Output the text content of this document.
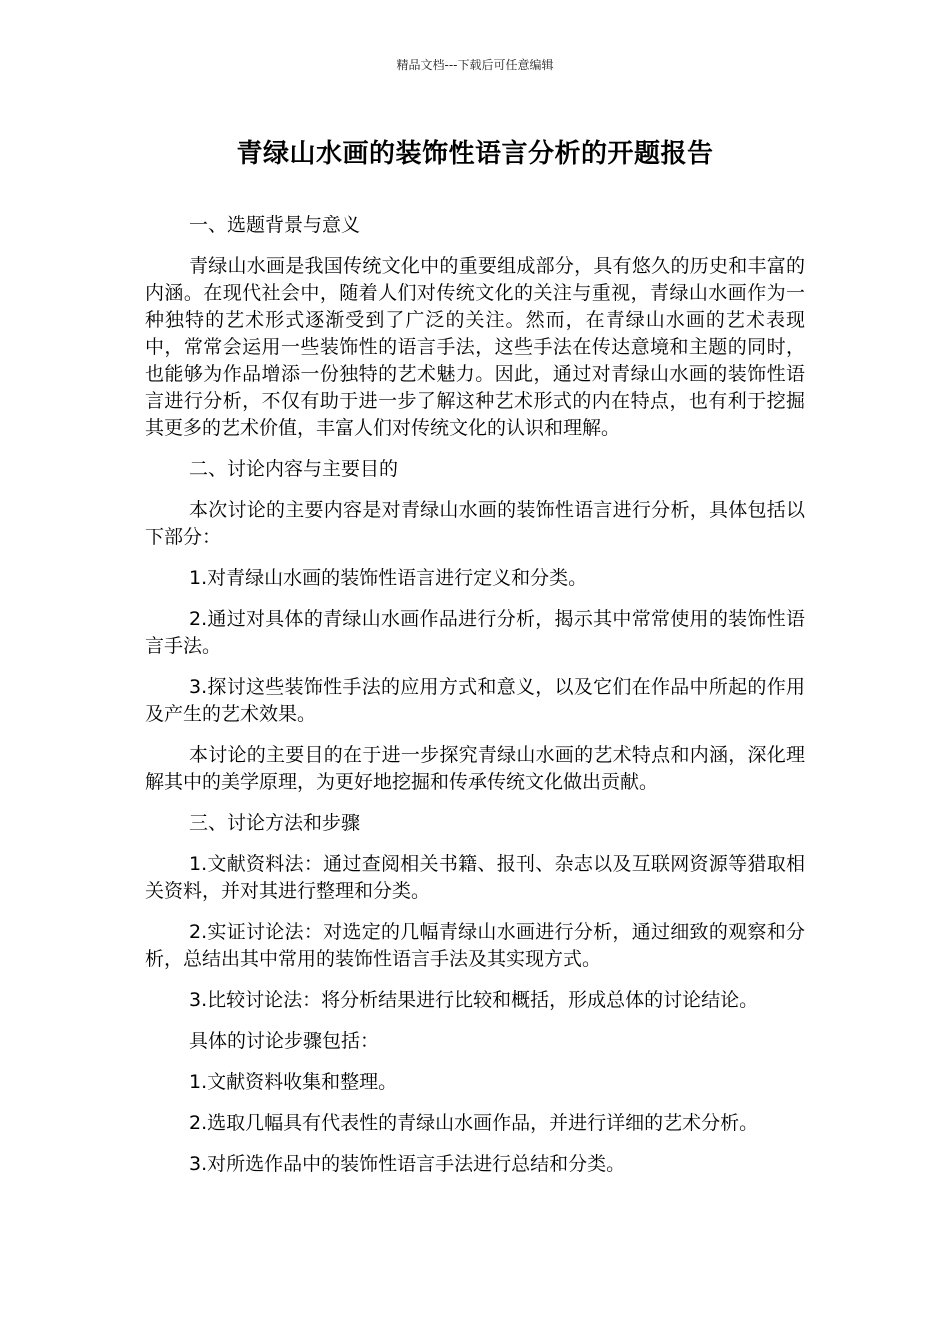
精品文档---下载后可任意编辑
青绿山水画的装饰性语言分析的开题报告

一、选题背景与意义

青绿山水画是我国传统文化中的重要组成部分，具有悠久的历史和丰富的内涵。在现代社会中，随着人们对传统文化的关注与重视，青绿山水画作为一种独特的艺术形式逐渐受到了广泛的关注。然而，在青绿山水画的艺术表现中，常常会运用一些装饰性的语言手法，这些手法在传达意境和主题的同时，也能够为作品增添一份独特的艺术魅力。因此，通过对青绿山水画的装饰性语言进行分析，不仅有助于进一步了解这种艺术形式的内在特点，也有利于挖掘其更多的艺术价值，丰富人们对传统文化的认识和理解。

二、讨论内容与主要目的

本次讨论的主要内容是对青绿山水画的装饰性语言进行分析，具体包括以下部分：

1.对青绿山水画的装饰性语言进行定义和分类。

2.通过对具体的青绿山水画作品进行分析，揭示其中常常使用的装饰性语言手法。

3.探讨这些装饰性手法的应用方式和意义，以及它们在作品中所起的作用及产生的艺术效果。

本讨论的主要目的在于进一步探究青绿山水画的艺术特点和内涵，深化理解其中的美学原理，为更好地挖掘和传承传统文化做出贡献。

三、讨论方法和步骤

1.文献资料法：通过查阅相关书籍、报刊、杂志以及互联网资源等猎取相关资料，并对其进行整理和分类。

2.实证讨论法：对选定的几幅青绿山水画进行分析，通过细致的观察和分析，总结出其中常用的装饰性语言手法及其实现方式。

3.比较讨论法：将分析结果进行比较和概括，形成总体的讨论结论。

具体的讨论步骤包括：

1.文献资料收集和整理。

2.选取几幅具有代表性的青绿山水画作品，并进行详细的艺术分析。

3.对所选作品中的装饰性语言手法进行总结和分类。
